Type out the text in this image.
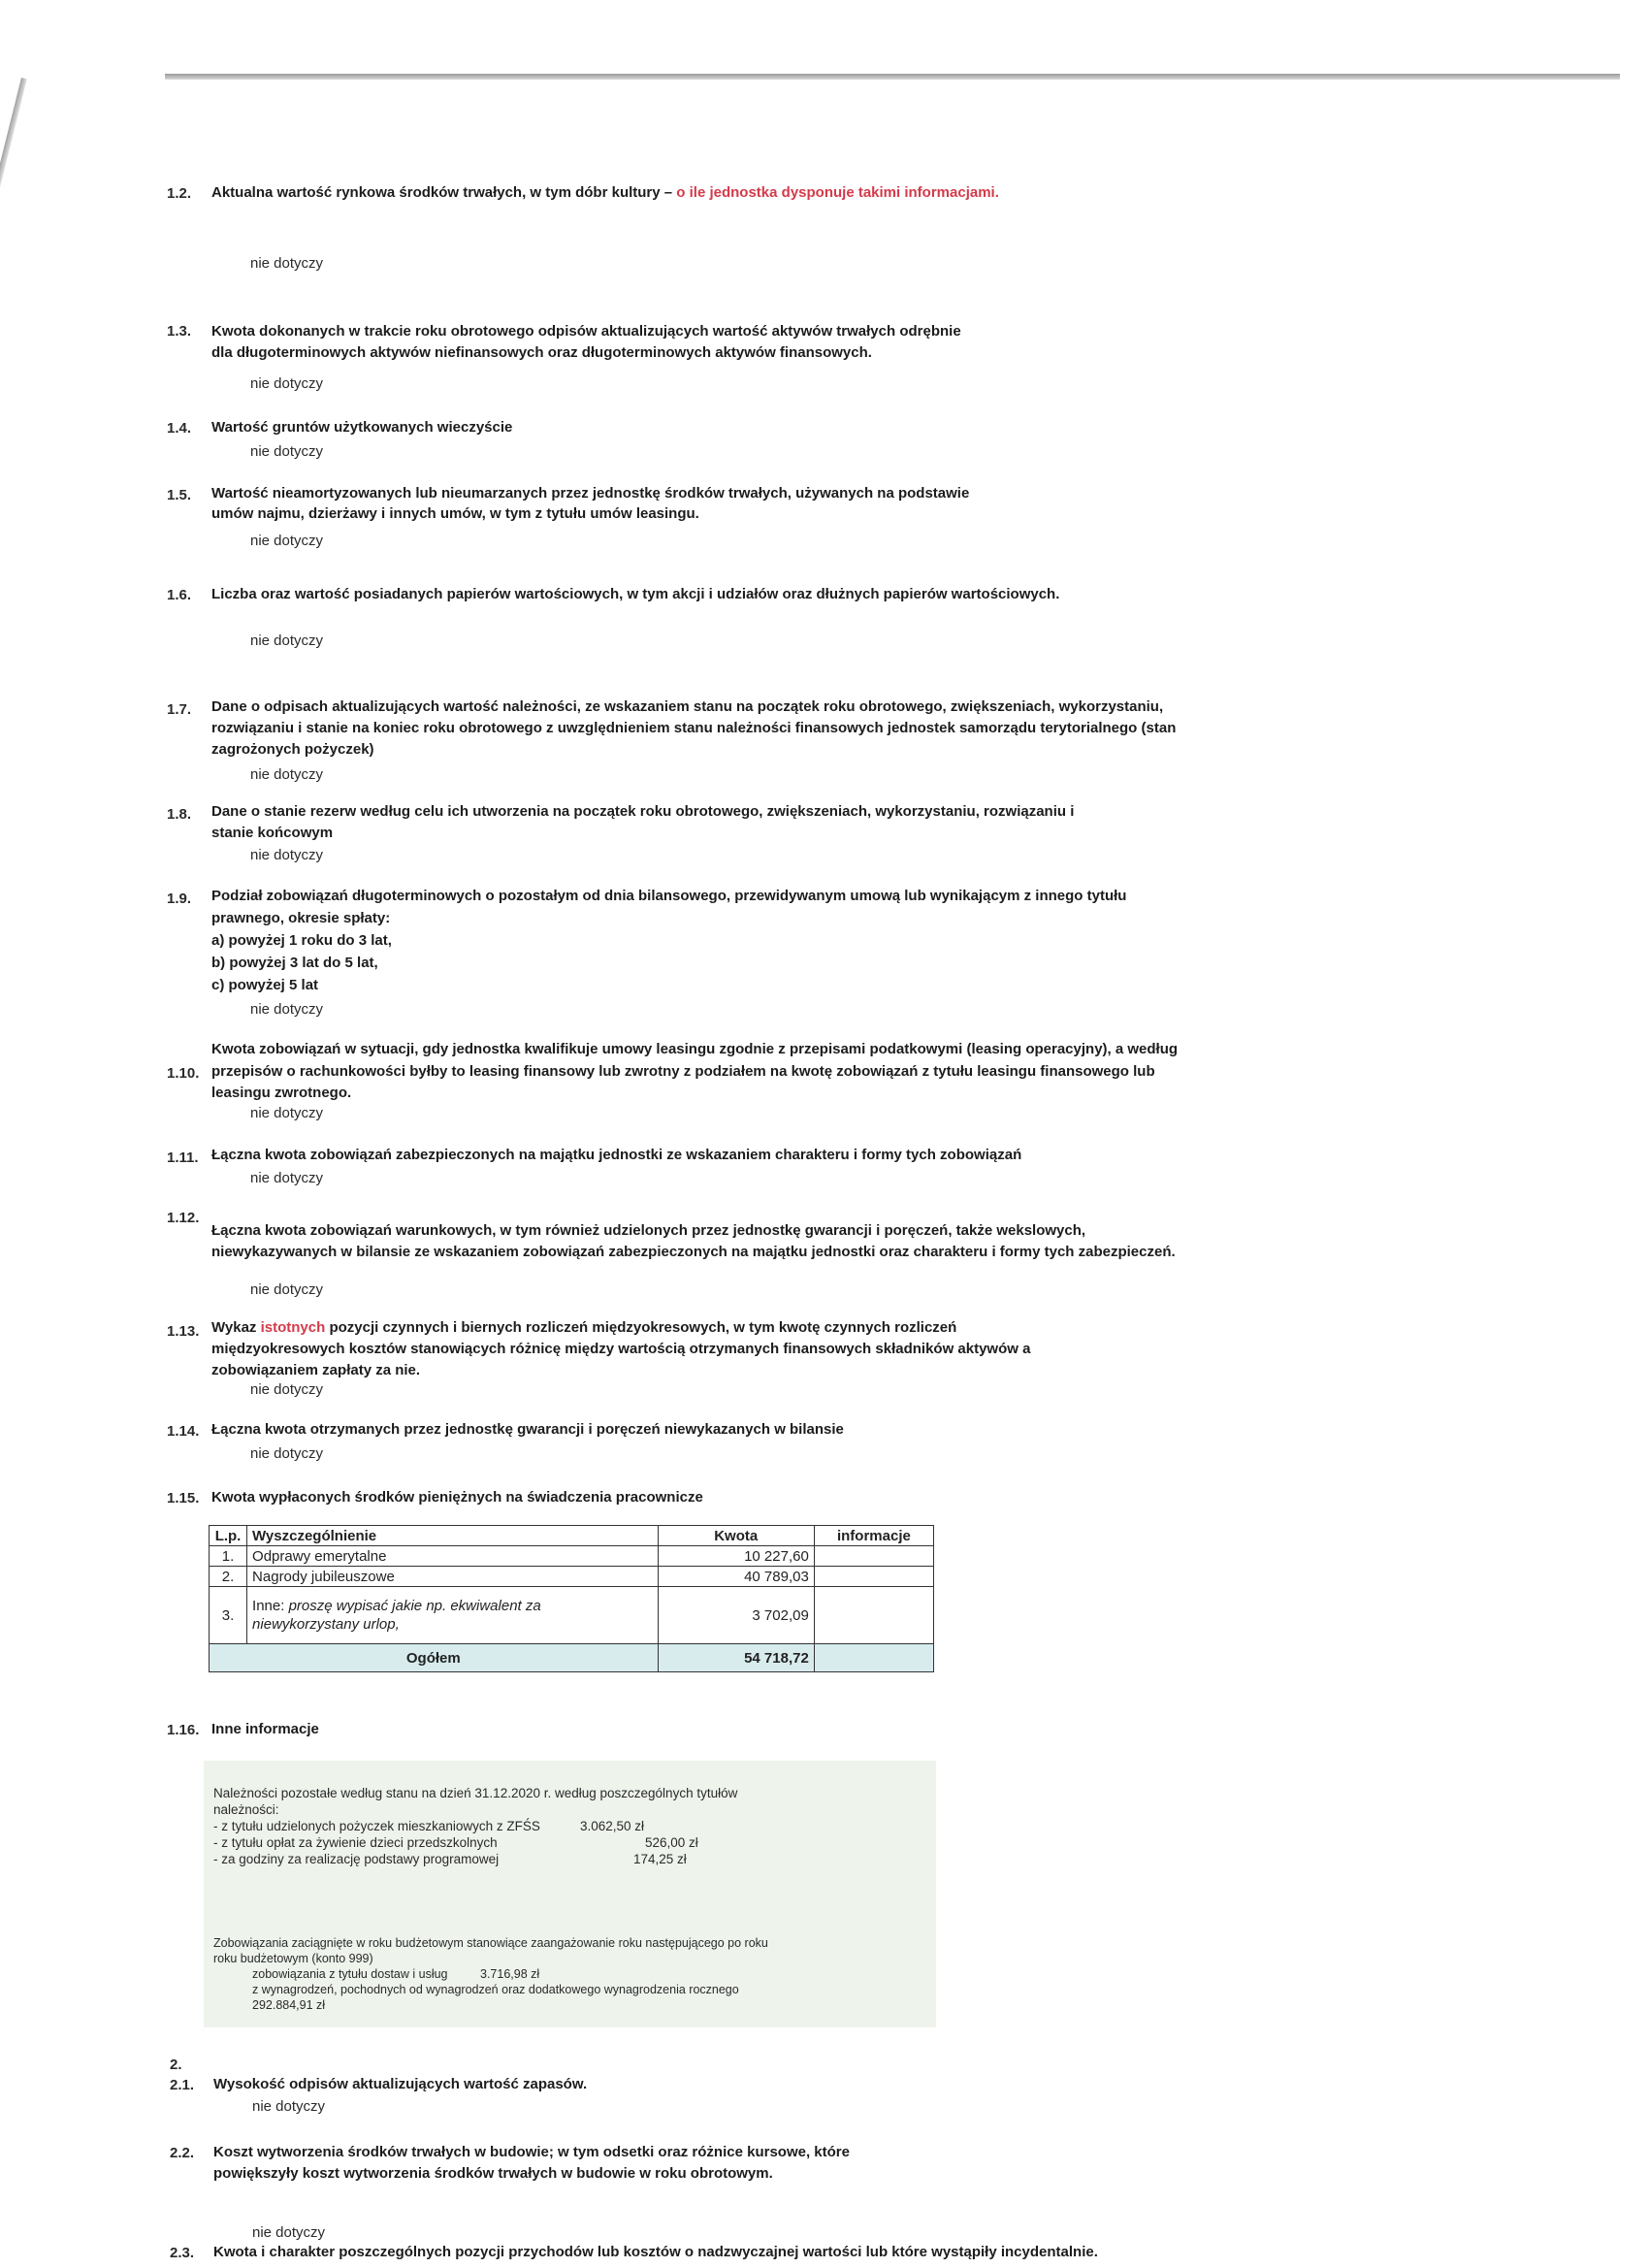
1.2. Aktualna wartość rynkowa środków trwałych, w tym dóbr kultury – o ile jednostka dysponuje takimi informacjami.
nie dotyczy
1.3. Kwota dokonanych w trakcie roku obrotowego odpisów aktualizujących wartość aktywów trwałych odrębnie
dla długoterminowych aktywów niefinansowych oraz długoterminowych aktywów finansowych.
nie dotyczy
1.4. Wartość gruntów użytkowanych wieczyście
nie dotyczy
1.5. Wartość nieamortyzowanych lub nieumarzanych przez jednostkę środków trwałych, używanych na podstawie
umów najmu, dzierżawy i innych umów, w tym z tytułu umów leasingu.
nie dotyczy
1.6. Liczba oraz wartość posiadanych papierów wartościowych, w tym akcji i udziałów oraz dłużnych papierów wartościowych.
nie dotyczy
1.7. Dane o odpisach aktualizujących wartość należności, ze wskazaniem stanu na początek roku obrotowego, zwiększeniach, wykorzystaniu,
rozwiązaniu i stanie na koniec roku obrotowego z uwzględnieniem stanu należności finansowych jednostek samorządu terytorialnego (stan
zagrożonych pożyczek)
nie dotyczy
1.8. Dane o stanie rezerw według celu ich utworzenia na początek roku obrotowego, zwiększeniach, wykorzystaniu, rozwiązaniu i
stanie końcowym
nie dotyczy
1.9. Podział zobowiązań długoterminowych o pozostałym od dnia bilansowego, przewidywanym umową lub wynikającym z innego tytułu
prawnego, okresie spłaty:
a) powyżej 1 roku do 3 lat,
b) powyżej 3 lat do 5 lat,
c) powyżej 5 lat
nie dotyczy
1.10.
Kwota zobowiązań w sytuacji, gdy jednostka kwalifikuje umowy leasingu zgodnie z przepisami podatkowymi (leasing operacyjny), a według
przepisów o rachunkowości byłby to leasing finansowy lub zwrotny z podziałem na kwotę zobowiązań z tytułu leasingu finansowego lub
leasingu zwrotnego.
nie dotyczy
1.11. Łączna kwota zobowiązań zabezpieczonych na majątku jednostki ze wskazaniem charakteru i formy tych zobowiązań
nie dotyczy
1.12.
Łączna kwota zobowiązań warunkowych, w tym również udzielonych przez jednostkę gwarancji i poręczeń, także wekslowych,
niewykazywanych w bilansie ze wskazaniem zobowiązań zabezpieczonych na majątku jednostki oraz charakteru i formy tych zabezpieczeń.
nie dotyczy
1.13. Wykaz istotnych pozycji czynnych i biernych rozliczeń międzyokresowych, w tym kwotę czynnych rozliczeń
międzyokresowych kosztów stanowiących różnicę między wartością otrzymanych finansowych składników aktywów a
zobowiązaniem zapłaty za nie.
nie dotyczy
1.14. Łączna kwota otrzymanych przez jednostkę gwarancji i poręczeń niewykazanych w bilansie
nie dotyczy
1.15. Kwota wypłaconych środków pieniężnych na świadczenia pracownicze
L.p.	Wyszczególnienie	Kwota	informacje
1.	Odprawy emerytalne	10 227,60	
2.	Nagrody jubileuszowe	40 789,03	
3.	Inne: proszę wypisać jakie np. ekwiwalent za
niewykorzystany urlop,	3 702,09	
Ogółem		54 718,72	
1.16. Inne informacje
Należności pozostałe według stanu na dzień 31.12.2020 r. według poszczególnych tytułów
należności:
- z tytułu udzielonych pożyczek mieszkaniowych z ZFŚS	3.062,50 zł
- z tytułu opłat za żywienie dzieci przedszkolnych	526,00 zł
- za godziny za realizację podstawy programowej	174,25 zł
Zobowiązania zaciągnięte w roku budżetowym stanowiące zaangażowanie roku następującego po roku
roku budżetowym (konto 999)
zobowiązania z tytułu dostaw i usług	3.716,98 zł
z wynagrodzeń, pochodnych od wynagrodzeń oraz dodatkowego wynagrodzenia rocznego
292.884,91 zł
2.
2.1. Wysokość odpisów aktualizujących wartość zapasów.
nie dotyczy
2.2. Koszt wytworzenia środków trwałych w budowie; w tym odsetki oraz różnice kursowe, które
powiększyły koszt wytworzenia środków trwałych w budowie w roku obrotowym.
nie dotyczy
2.3. Kwota i charakter poszczególnych pozycji przychodów lub kosztów o nadzwyczajnej wartości lub które wystąpiły incydentalnie.
